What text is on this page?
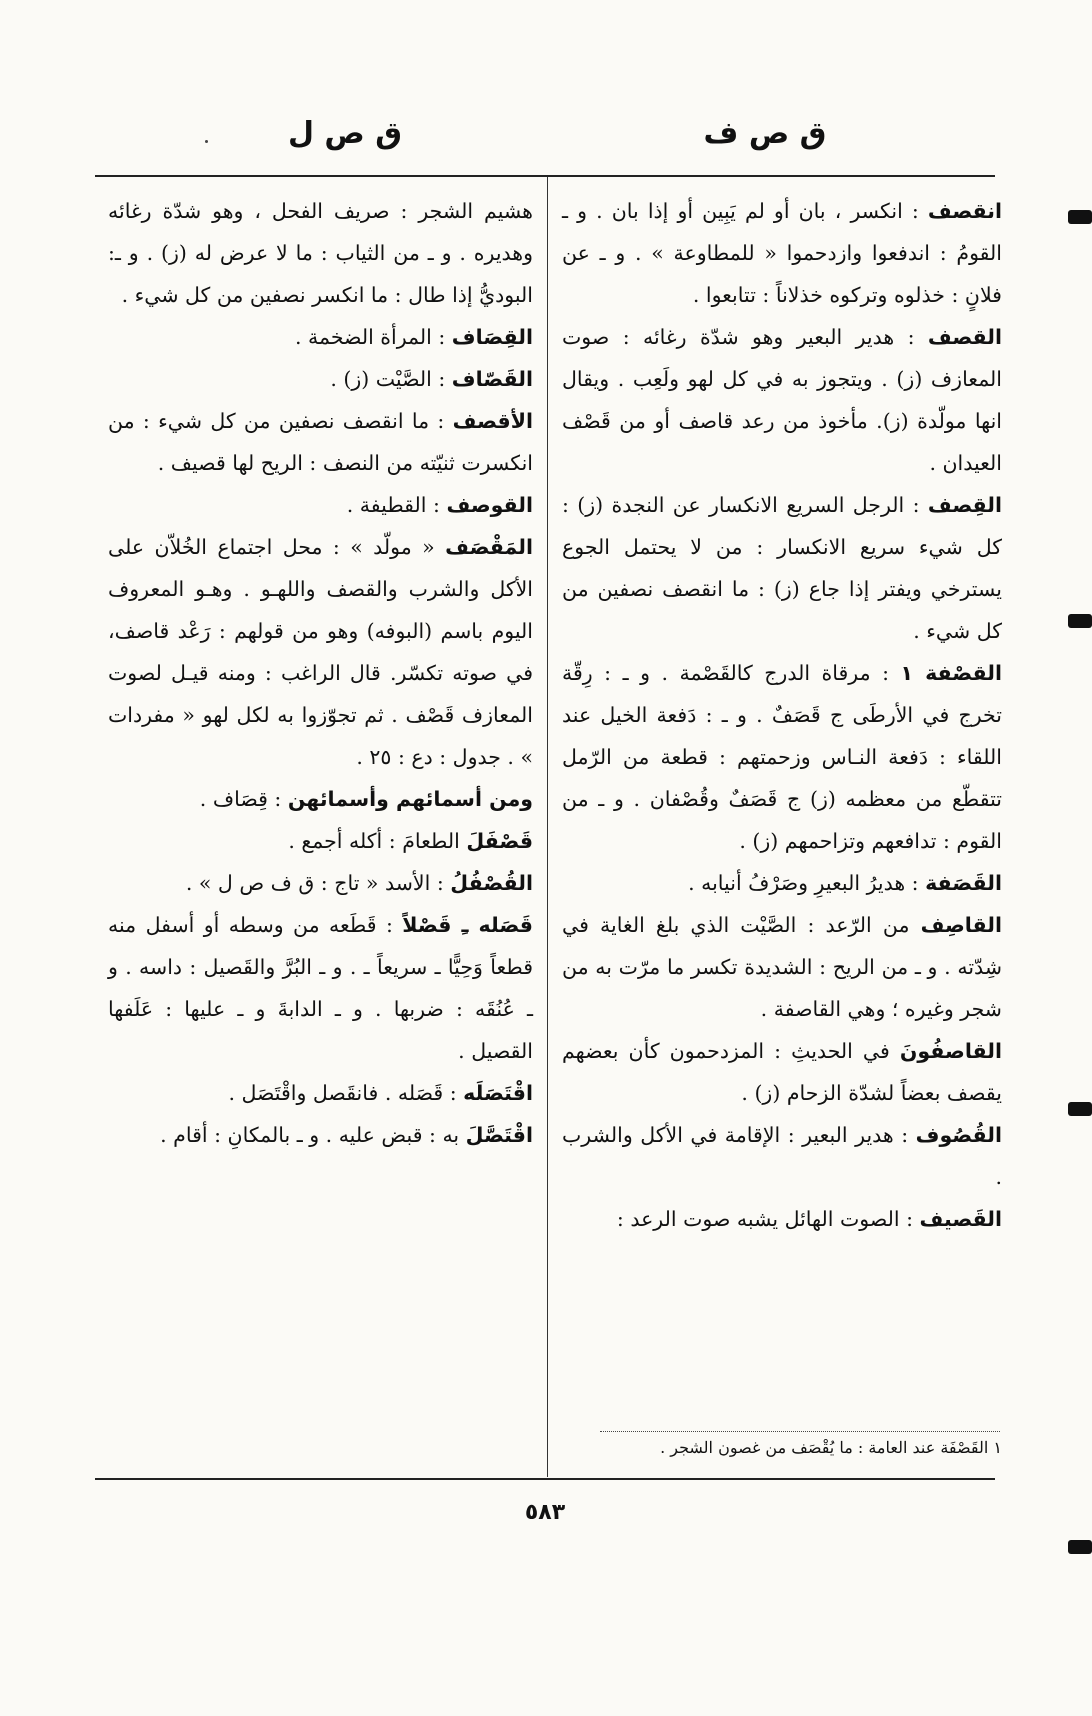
ق ص ف
ق ص ل

انقصف : انكسر ، بان أو لم يَبِين أو إذا بان . و ـ القومُ : اندفعوا وازدحموا « للمطاوعة » . و ـ عن فلانٍ : خذلوه وتركوه خذلاناً : تتابعوا .

القصف : هدير البعير وهو شدّة رغائه : صوت المعازف (ز) . ويتجوز به في كل لهو ولَعِب . ويقال انها مولّدة (ز). مأخوذ من رعد قاصف أو من قَصْف العيدان .

القِصف : الرجل السريع الانكسار عن النجدة (ز) : كل شيء سريع الانكسار : من لا يحتمل الجوع يسترخي ويفتر إذا جاع (ز) : ما انقصف نصفين من كل شيء .

القصْفة ١ : مرقاة الدرج كالقَصْمة . و ـ : رِقّة تخرج في الأرطَى ج قَصَفٌ . و ـ : دَفعة الخيل عند اللقاء : دَفعة النـاس وزحمتهم : قطعة من الرّمل تتقطّع من معظمه (ز) ج قَصَفٌ وقُصْفان . و ـ من القوم : تدافعهم وتزاحمهم (ز) .

القَصَفة : هديرُ البعيرِ وصَرْفُ أنيابه .

القاصِف من الرّعد : الصَّيْت الذي بلغ الغاية في شِدّته . و ـ من الريح : الشديدة تكسر ما مرّت به من شجر وغيره ؛ وهي القاصفة .

القاصفُونَ في الحديثِ : المزدحمون كأن بعضهم يقصف بعضاً لشدّة الزحام (ز) .

القُصُوف : هدير البعير : الإقامة في الأكل والشرب .

القَصيف : الصوت الهائل يشبه صوت الرعد :

١ القَصْفَة عند العامة : ما يُقْصَف من غصون الشجر .

هشيم الشجر : صريف الفحل ، وهو شدّة رغائه وهديره . و ـ من الثياب : ما لا عرض له (ز) . و ـ: البوديُّ إذا طال : ما انكسر نصفين من كل شيء .

القِصَاف : المرأة الضخمة .

القَصّاف : الصَّيْت (ز) .

الأقصف : ما انقصف نصفين من كل شيء : من انكسرت ثنيّته من النصف : الريح لها قصيف .

القوصف : القطيفة .

المَقْصَف « مولّد » : محل اجتماع الخُلاّن على الأكل والشرب والقصف واللهـو . وهـو المعروف اليوم باسم (البوفه) وهو من قولهم : رَعْد قاصف، في صوته تكسّر. قال الراغب : ومنه قيـل لصوت المعازف قَصْف . ثم تجوّزوا به لكل لهو « مفردات » . جدول : دع : ٢٥ .

ومن أسمائهم وأسمائهن : قِصَاف .

قَصْفَلَ الطعامَ : أكله أجمع .

القُصْفُلُ : الأسد « تاج : ق ف ص ل » .

قَصَله ـِ قَصْلاً : قَطَعه من وسطه أو أسفل منه قطعاً وَحِيًّا ـ سريعاً ـ . و ـ البُرَّ والقَصيل : داسه . و ـ عُنُقَه : ضربها . و ـ الدابةَ و ـ عليها : عَلَفها القصيل .

اقْتَصَلَه : قَصَله . فانقَصل واقْتَصَل .

اقْتَصَّلَ به : قبض عليه . و ـ بالمكانِ : أقام .

٥٨٣
